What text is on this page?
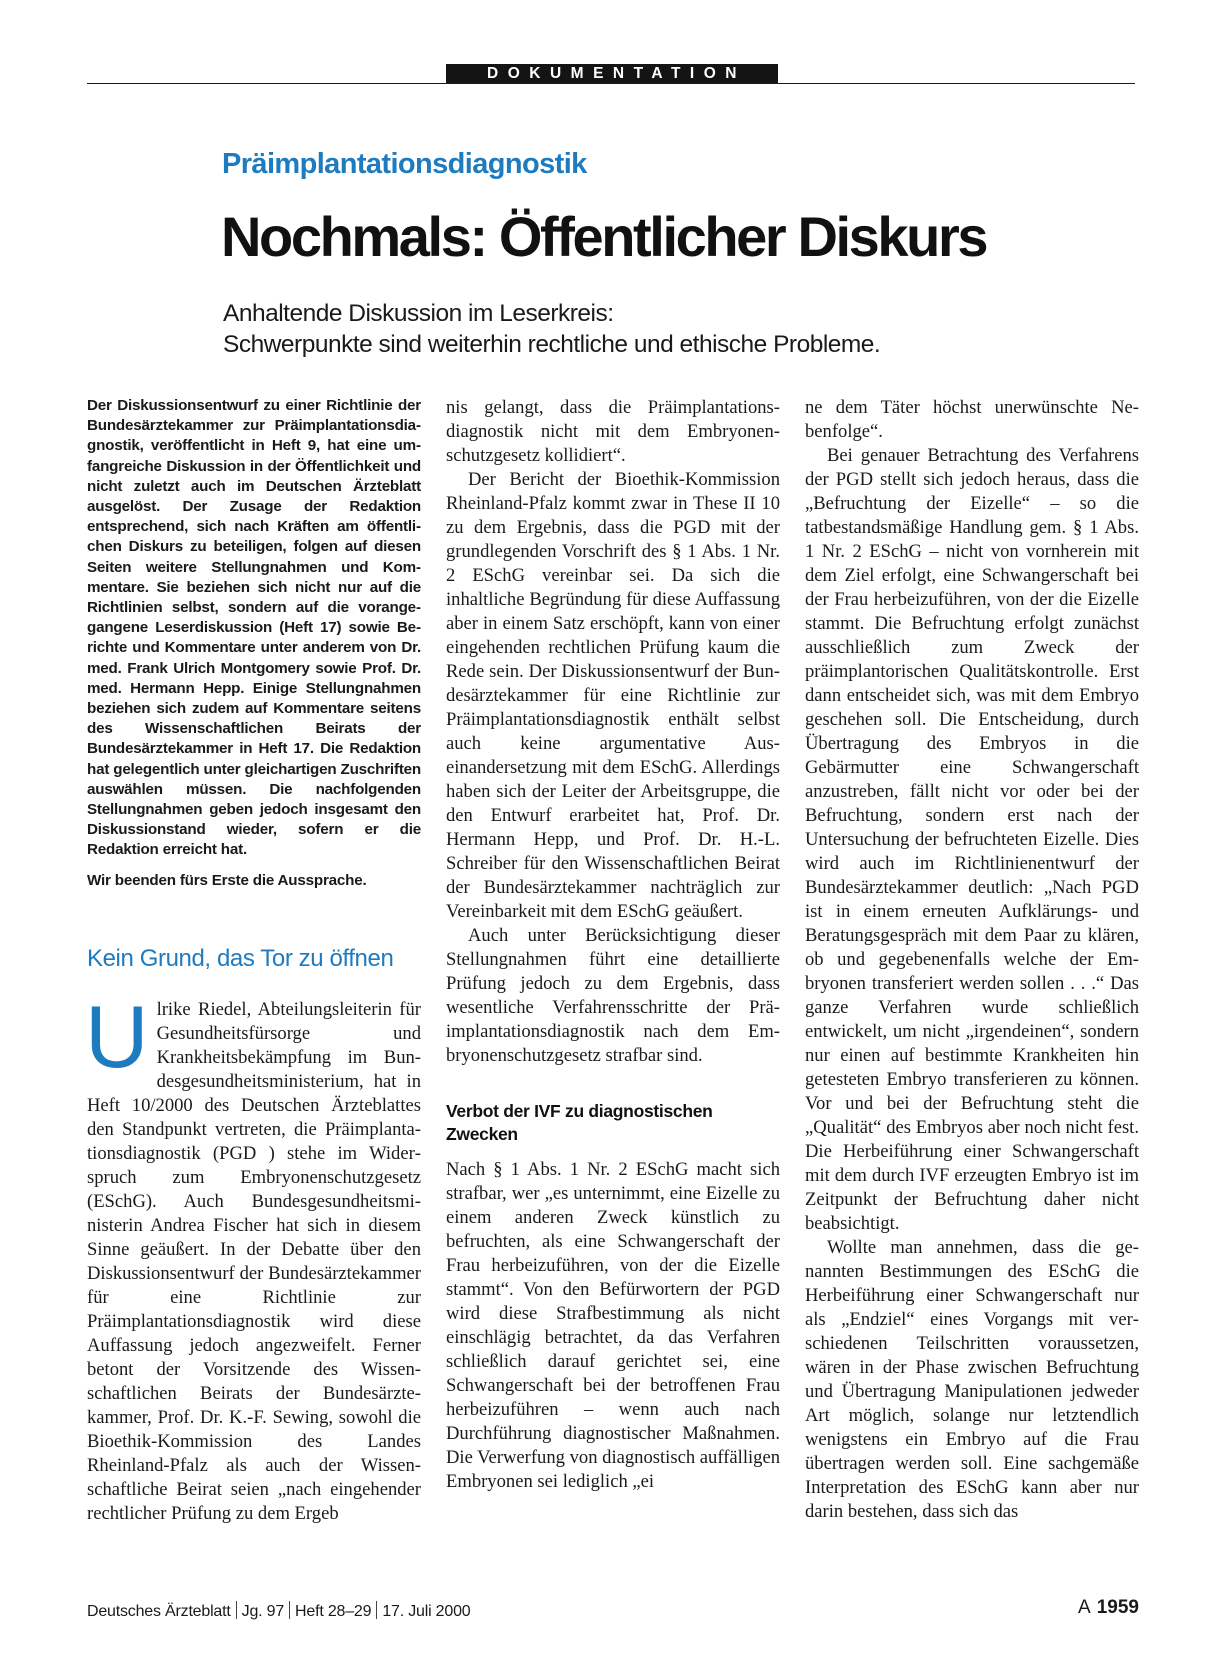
DOKUMENTATION
Präimplantationsdiagnostik
Nochmals: Öffentlicher Diskurs
Anhaltende Diskussion im Leserkreis:
Schwerpunkte sind weiterhin rechtliche und ethische Probleme.

Der Diskussionsentwurf zu einer Richtlinie der Bundesärztekammer zur Präimplantationsdiagnostik, veröffentlicht in Heft 9, hat eine umfangreiche Diskussion in der Öffentlichkeit und nicht zuletzt auch im Deutschen Ärzteblatt ausgelöst. Der Zusage der Redaktion entsprechend, sich nach Kräften am öffentlichen Diskurs zu beteiligen, folgen auf diesen Seiten weitere Stellungnahmen und Kommentare. Sie beziehen sich nicht nur auf die Richtlinien selbst, sondern auf die vorangegangene Leserdiskussion (Heft 17) sowie Berichte und Kommentare unter anderem von Dr. med. Frank Ulrich Montgomery sowie Prof. Dr. med. Hermann Hepp. Einige Stellungnahmen beziehen sich zudem auf Kommentare seitens des Wissenschaftlichen Beirats der Bundesärztekammer in Heft 17. Die Redaktion hat gelegentlich unter gleichartigen Zuschriften auswählen müssen. Die nachfolgenden Stellungnahmen geben jedoch insgesamt den Diskussionstand wieder, sofern er die Redaktion erreicht hat.

Wir beenden fürs Erste die Aussprache.

Kein Grund, das Tor zu öffnen

Ulrike Riedel, Abteilungsleiterin für Gesundheitsfürsorge und Krankheitsbekämpfung im Bundesgesundheitsministerium, hat in Heft 10/2000 des Deutschen Ärzteblattes den Standpunkt vertreten, die Präimplantationsdiagnostik (PGD ) stehe im Widerspruch zum Embryonenschutzgesetz (ESchG). Auch Bundesgesundheitsministerin Andrea Fischer hat sich in diesem Sinne geäußert. In der Debatte über den Diskussionsentwurf der Bundesärztekammer für eine Richtlinie zur Präimplantationsdiagnostik wird diese Auffassung jedoch angezweifelt. Ferner betont der Vorsitzende des Wissenschaftlichen Beirats der Bundesärztekammer, Prof. Dr. K.-F. Sewing, sowohl die Bioethik-Kommission des Landes Rheinland-Pfalz als auch der Wissenschaftliche Beirat seien „nach eingehender rechtlicher Prüfung zu dem Ergeb

nis gelangt, dass die Präimplantationsdiagnostik nicht mit dem Embryonenschutzgesetz kollidiert“.

Der Bericht der Bioethik-Kommission Rheinland-Pfalz kommt zwar in These II 10 zu dem Ergebnis, dass die PGD mit der grundlegenden Vorschrift des § 1 Abs. 1 Nr. 2 ESchG vereinbar sei. Da sich die inhaltliche Begründung für diese Auffassung aber in einem Satz erschöpft, kann von einer eingehenden rechtlichen Prüfung kaum die Rede sein. Der Diskussionsentwurf der Bundesärztekammer für eine Richtlinie zur Präimplantationsdiagnostik enthält selbst auch keine argumentative Auseinandersetzung mit dem ESchG. Allerdings haben sich der Leiter der Arbeitsgruppe, die den Entwurf erarbeitet hat, Prof. Dr. Hermann Hepp, und Prof. Dr. H.-L. Schreiber für den Wissenschaftlichen Beirat der Bundesärztekammer nachträglich zur Vereinbarkeit mit dem ESchG geäußert.

Auch unter Berücksichtigung dieser Stellungnahmen führt eine detaillierte Prüfung jedoch zu dem Ergebnis, dass wesentliche Verfahrensschritte der Präimplantationsdiagnostik nach dem Embryonenschutzgesetz strafbar sind.

Verbot der IVF zu diagnostischen Zwecken

Nach § 1 Abs. 1 Nr. 2 ESchG macht sich strafbar, wer „es unternimmt, eine Eizelle zu einem anderen Zweck künstlich zu befruchten, als eine Schwangerschaft der Frau herbeizuführen, von der die Eizelle stammt“. Von den Befürwortern der PGD wird diese Strafbestimmung als nicht einschlägig betrachtet, da das Verfahren schließlich darauf gerichtet sei, eine Schwangerschaft bei der betroffenen Frau herbeizuführen – wenn auch nach Durchführung diagnostischer Maßnahmen. Die Verwerfung von diagnostisch auffälligen Embryonen sei lediglich „ei

ne dem Täter höchst unerwünschte Nebenfolge“.

Bei genauer Betrachtung des Verfahrens der PGD stellt sich jedoch heraus, dass die „Befruchtung der Eizelle“ – so die tatbestandsmäßige Handlung gem. § 1 Abs. 1 Nr. 2 ESchG – nicht von vornherein mit dem Ziel erfolgt, eine Schwangerschaft bei der Frau herbeizuführen, von der die Eizelle stammt. Die Befruchtung erfolgt zunächst ausschließlich zum Zweck der präimplantorischen Qualitätskontrolle. Erst dann entscheidet sich, was mit dem Embryo geschehen soll. Die Entscheidung, durch Übertragung des Embryos in die Gebärmutter eine Schwangerschaft anzustreben, fällt nicht vor oder bei der Befruchtung, sondern erst nach der Untersuchung der befruchteten Eizelle. Dies wird auch im Richtlinienentwurf der Bundesärztekammer deutlich: „Nach PGD ist in einem erneuten Aufklärungs- und Beratungsgespräch mit dem Paar zu klären, ob und gegebenenfalls welche der Embryonen transferiert werden sollen . . .“ Das ganze Verfahren wurde schließlich entwickelt, um nicht „irgendeinen“, sondern nur einen auf bestimmte Krankheiten hin getesteten Embryo transferieren zu können. Vor und bei der Befruchtung steht die „Qualität“ des Embryos aber noch nicht fest. Die Herbeiführung einer Schwangerschaft mit dem durch IVF erzeugten Embryo ist im Zeitpunkt der Befruchtung daher nicht beabsichtigt.

Wollte man annehmen, dass die genannten Bestimmungen des ESchG die Herbeiführung einer Schwangerschaft nur als „Endziel“ eines Vorgangs mit verschiedenen Teilschritten voraussetzen, wären in der Phase zwischen Befruchtung und Übertragung Manipulationen jedweder Art möglich, solange nur letztendlich wenigstens ein Embryo auf die Frau übertragen werden soll. Eine sachgemäße Interpretation des ESchG kann aber nur darin bestehen, dass sich das

Deutsches Ärzteblatt Jg. 97 Heft 28–29 17. Juli 2000	A 1959
